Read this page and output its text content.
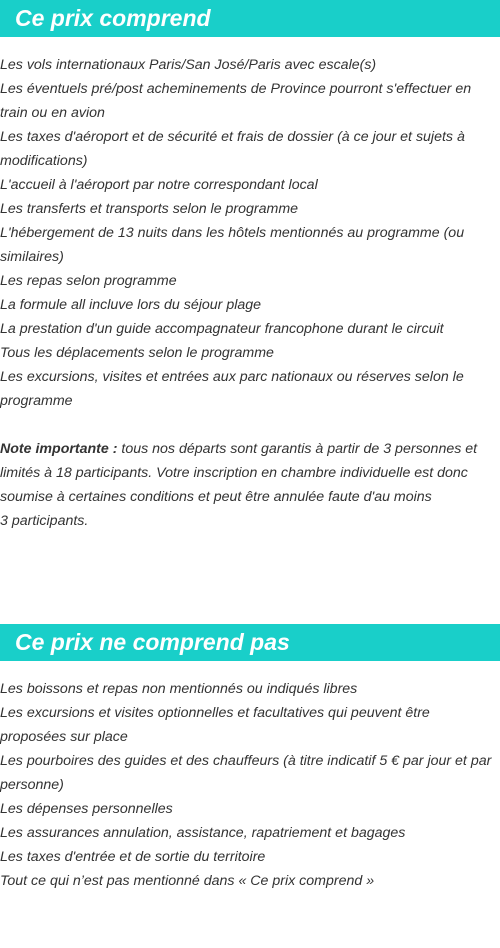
Ce prix comprend
Les vols internationaux Paris/San José/Paris avec escale(s)
Les éventuels pré/post acheminements de Province pourront s'effectuer en train ou en avion
Les taxes d'aéroport et de sécurité et frais de dossier (à ce jour et sujets à modifications)
L'accueil à l'aéroport par notre correspondant local
Les transferts et transports selon le programme
L'hébergement de 13 nuits dans les hôtels mentionnés au programme (ou similaires)
Les repas selon programme
La formule all incluve lors du séjour plage
La prestation d'un guide accompagnateur francophone durant le circuit
Tous les déplacements selon le programme
Les excursions, visites et entrées aux parc nationaux ou réserves selon le programme

Note importante : tous nos départs sont garantis à partir de 3 personnes et limités à 18 participants. Votre inscription en chambre individuelle est donc soumise à certaines conditions et peut être annulée faute d'au moins
3 participants.

Ce prix ne comprend pas
Les boissons et repas non mentionnés ou indiqués libres
Les excursions et visites optionnelles et facultatives qui peuvent être proposées sur place
Les pourboires des guides et des chauffeurs (à titre indicatif 5 € par jour et par personne)
Les dépenses personnelles
Les assurances annulation, assistance, rapatriement et bagages
Les taxes d'entrée et de sortie du territoire
Tout ce qui n’est pas mentionné dans « Ce prix comprend »
